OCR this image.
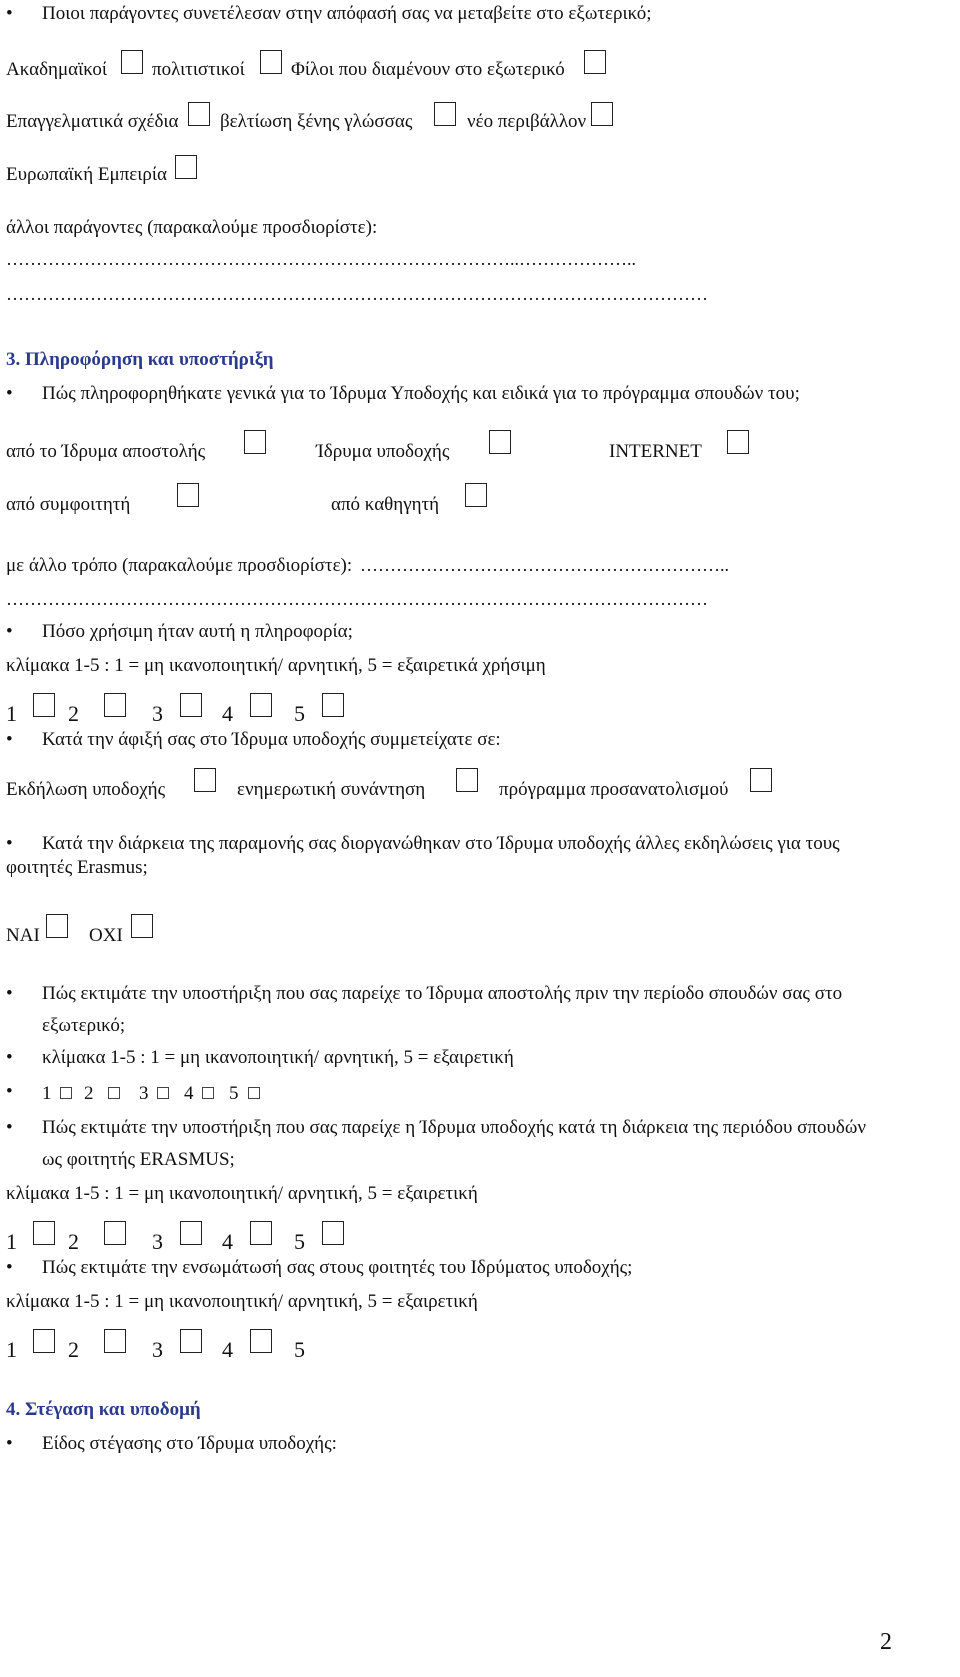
•
Ποιοι παράγοντες συνετέλεσαν στην απόφασή σας να μεταβείτε στο εξωτερικό;
Ακαδημαϊκοί πολιτιστικοί Φίλοι που διαμένουν στο εξωτερικό
Επαγγελματικά σχέδια βελτίωση ξένης γλώσσας	νέο περιβάλλον
Ευρωπαϊκή Εμπειρία
άλλοι παράγοντες (παρακαλούμε προσδιορίστε):
…………………………………………………………………………..………………..
………………………………………………………………………………………………………
3. Πληροφόρηση και υποστήριξη
•
Πώς πληροφορηθήκατε γενικά για το Ίδρυμα Υποδοχής και ειδικά για το πρόγραμμα σπουδών του;
από το Ίδρυμα αποστολής	Ίδρυμα υποδοχής	INTERNET
από συμφοιτητή	από καθηγητή
με άλλο τρόπο (παρακαλούμε προσδιορίστε): ……………………………………………………..
………………………………………………………………………………………………………
•
Πόσο χρήσιμη ήταν αυτή η πληροφορία;
κλίμακα 1-5 : 1 = μη ικανοποιητική/ αρνητική, 5 = εξαιρετικά χρήσιμη
1 2	3	4	5
•
Κατά την άφιξή σας στο Ίδρυμα υποδοχής συμμετείχατε σε:
Εκδήλωση υποδοχής	ενημερωτική συνάντηση	πρόγραμμα προσανατολισμού
•
Κατά την διάρκεια της παραμονής σας διοργανώθηκαν στο Ίδρυμα υποδοχής άλλες εκδηλώσεις για τους
φοιτητές Erasmus;
ΝΑΙ	ΟΧΙ
•
Πώς εκτιμάτε την υποστήριξη που σας παρείχε το Ίδρυμα αποστολής πριν την περίοδο σπουδών σας στο
εξωτερικό;
•
κλίμακα 1-5 : 1 = μη ικανοποιητική/ αρνητική, 5 = εξαιρετική
•
1 2 3 4 5
•
Πώς εκτιμάτε την υποστήριξη που σας παρείχε η Ίδρυμα υποδοχής κατά τη διάρκεια της περιόδου σπουδών
ως φοιτητής ERASMUS;
κλίμακα 1-5 : 1 = μη ικανοποιητική/ αρνητική, 5 = εξαιρετική
1 2	3	4	5
•
Πώς εκτιμάτε την ενσωμάτωσή σας στους φοιτητές του Ιδρύματος υποδοχής;
κλίμακα 1-5 : 1 = μη ικανοποιητική/ αρνητική, 5 = εξαιρετική
1 2	3	4	5
4. Στέγαση και υποδομή
•
Είδος στέγασης στο Ίδρυμα υποδοχής:
2
